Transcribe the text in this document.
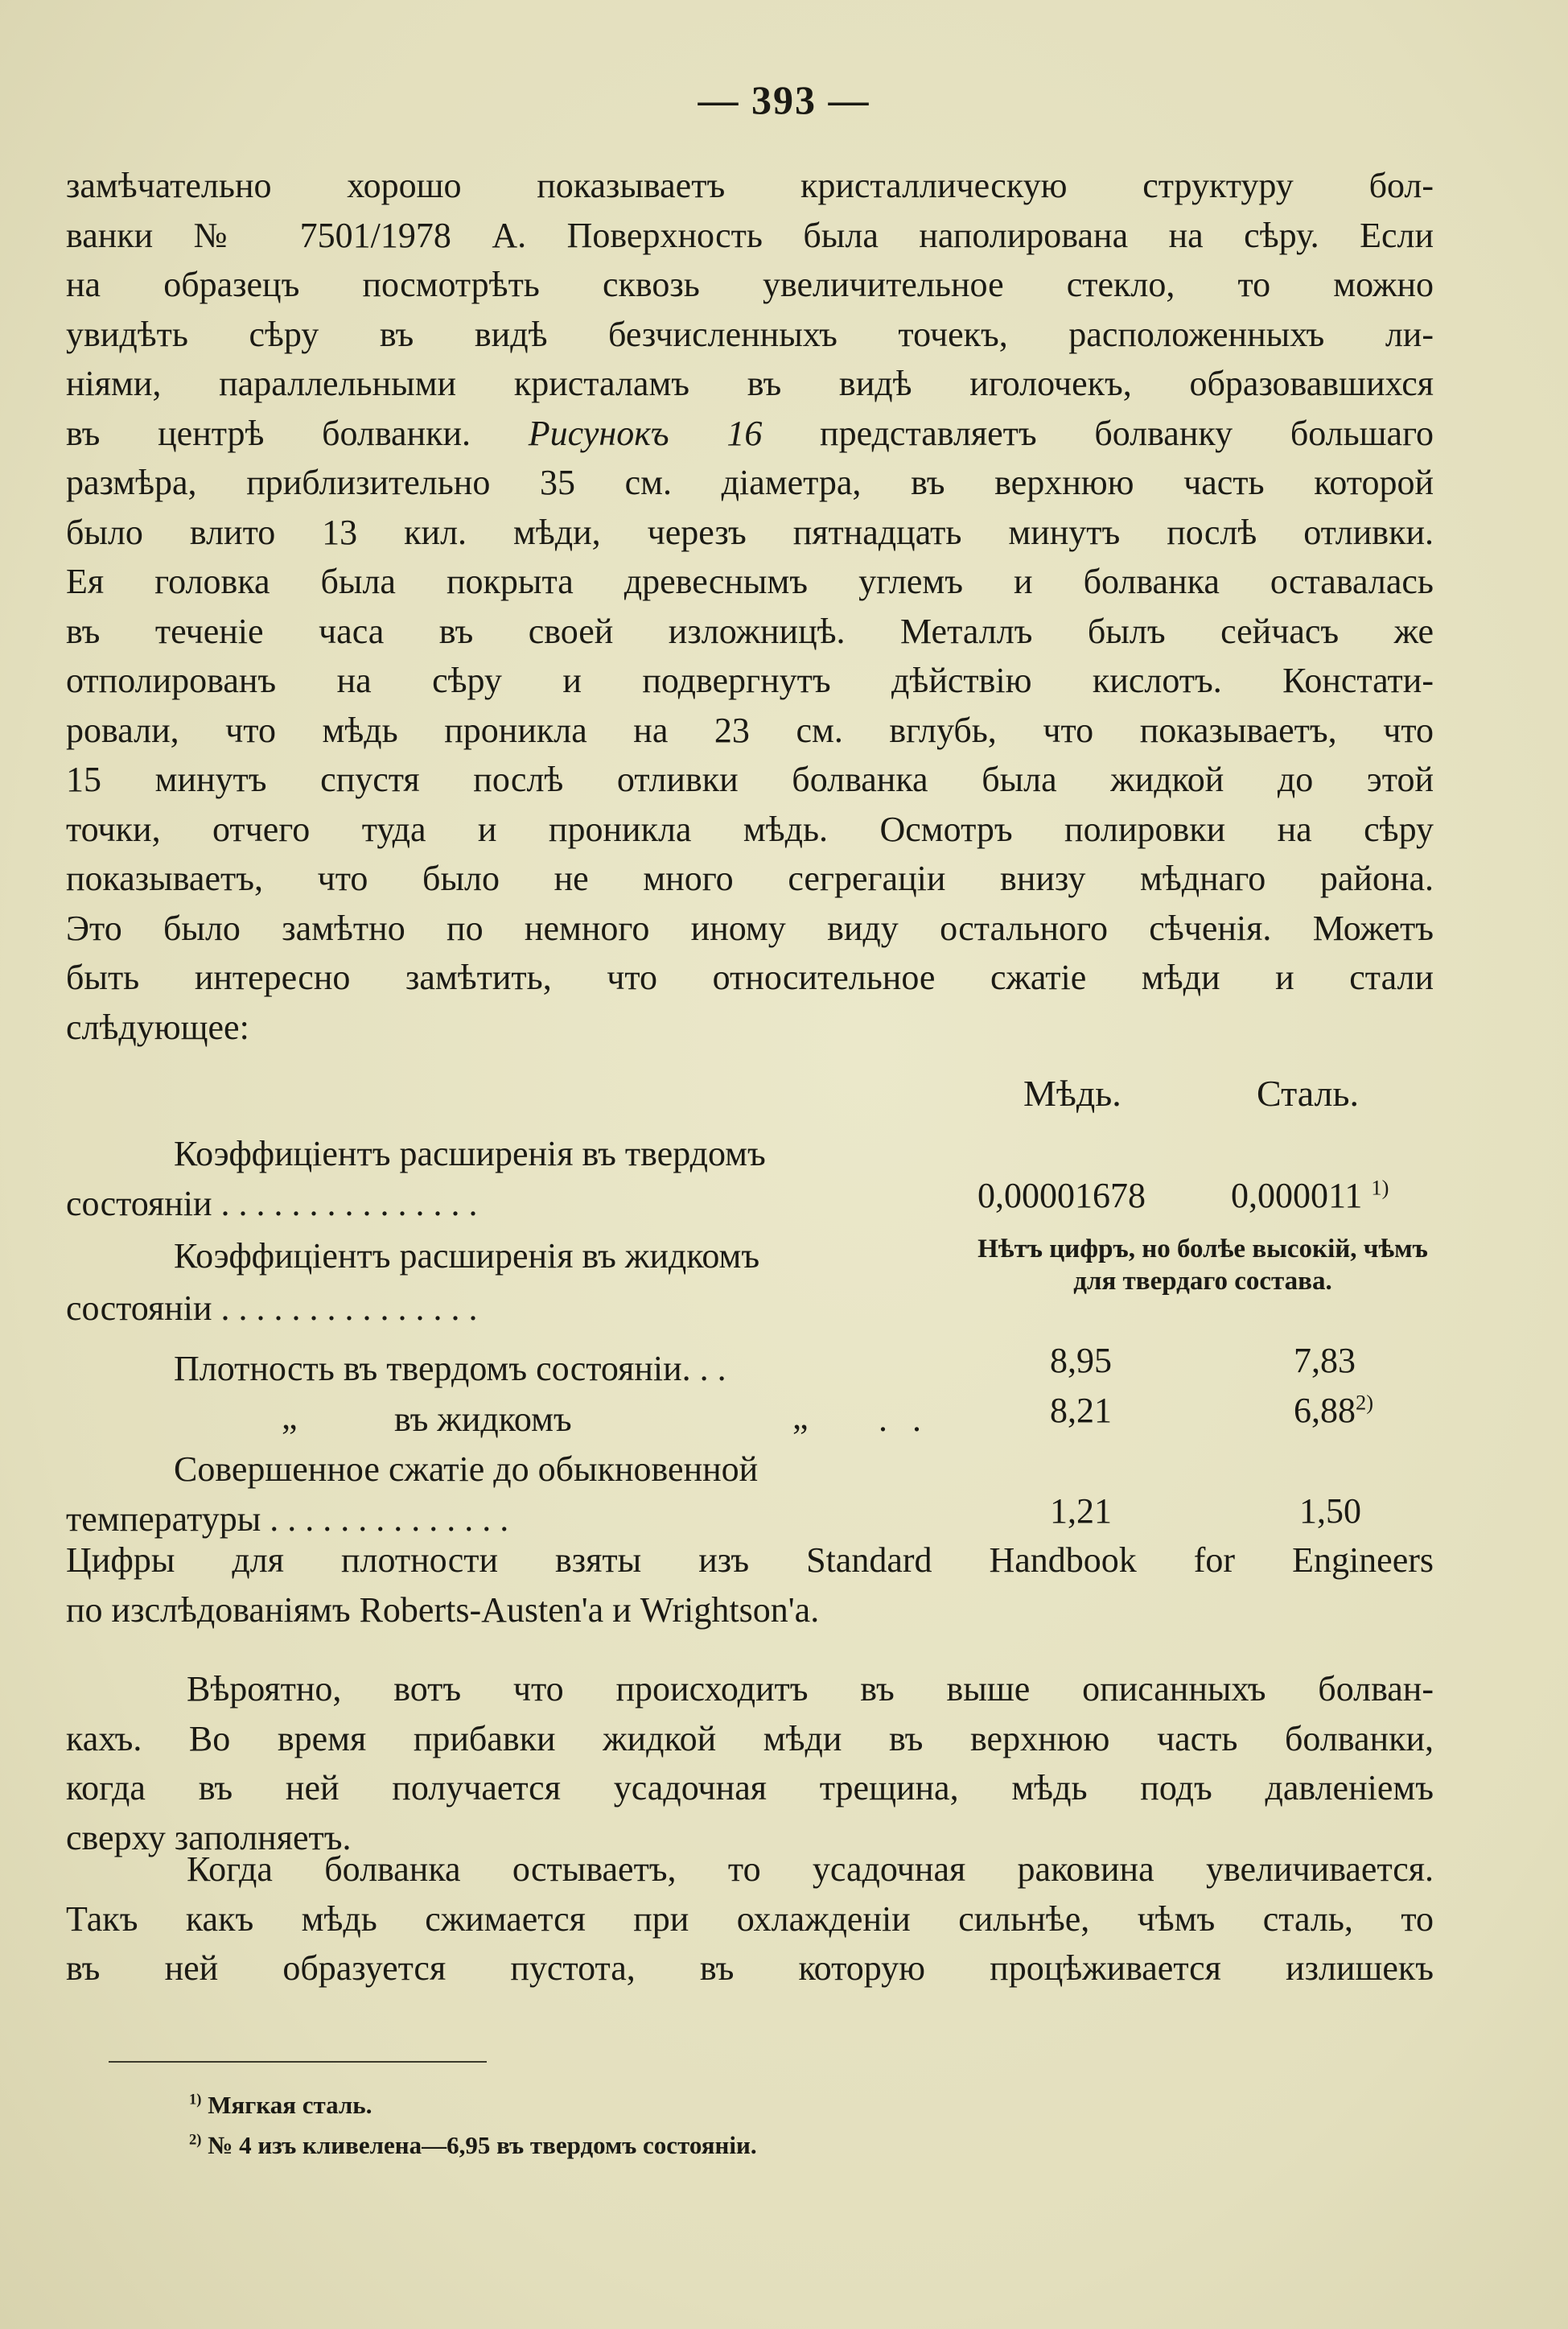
— 393 —
замѣчательно хорошо показываетъ кристаллическую структуру бол-
ванки № 7501/1978 A. Поверхность была наполирована на сѣру. Если
на образецъ посмотрѣть сквозь увеличительное стекло, то можно
увидѣть сѣру въ видѣ безчисленныхъ точекъ, расположенныхъ ли-
ніями, параллельными кристаламъ въ видѣ иголочекъ, образовавшихся
въ центрѣ болванки. Рисунокъ 16 представляетъ болванку большаго
размѣра, приблизительно 35 см. діаметра, въ верхнюю часть которой
было влито 13 кил. мѣди, черезъ пятнадцать минутъ послѣ отливки.
Ея головка была покрыта древеснымъ углемъ и болванка оставалась
въ теченіе часа въ своей изложницѣ. Металлъ былъ сейчасъ же
отполированъ на сѣру и подвергнутъ дѣйствію кислотъ. Констати-
ровали, что мѣдь проникла на 23 см. вглубь, что показываетъ, что
15 минутъ спустя послѣ отливки болванка была жидкой до этой
точки, отчего туда и проникла мѣдь. Осмотръ полировки на сѣру
показываетъ, что было не много сегрегаціи внизу мѣднаго района.
Это было замѣтно по немного иному виду остального сѣченія. Можетъ
быть интересно замѣтить, что относительное сжатіе мѣди и стали
слѣдующее:
Мѣдь.	Сталь.
Коэффиціентъ расширенія въ твердомъ
состояніи . . . . . . . . . . . . . . .	0,00001678 0,000011 $^{1)}$
Коэффиціентъ расширенія въ жидкомъ
состояніи . . . . . . . . . . . . . . .
Нѣтъ цифръ, но болѣе высокій, чѣмъ для твердаго состава.
Плотность въ твердомъ состояніи. . .	8,95	7,83
„	въ жидкомъ	„ . .	8,21	6,88$^{2)}$
Совершенное сжатіе до обыкновенной
температуры . . . . . . . . . . . . . .	1,21	1,50
Цифры для плотности взяты изъ Standard Handbook for Engineers
по изслѣдованіямъ Roberts-Austen'a и Wrightson'a.
Вѣроятно, вотъ что происходитъ въ выше описанныхъ болван-
кахъ. Во время прибавки жидкой мѣди въ верхнюю часть болванки,
когда въ ней получается усадочная трещина, мѣдь подъ давленіемъ
сверху заполняетъ.
Когда болванка остываетъ, то усадочная раковина увеличивается.
Такъ какъ мѣдь сжимается при охлажденіи сильнѣе, чѣмъ сталь, то
въ ней образуется пустота, въ которую процѣживается излишекъ
$^{1)}$ Мягкая сталь.
$^{2)}$ № 4 изъ кливелена—6,95 въ твердомъ состояніи.
